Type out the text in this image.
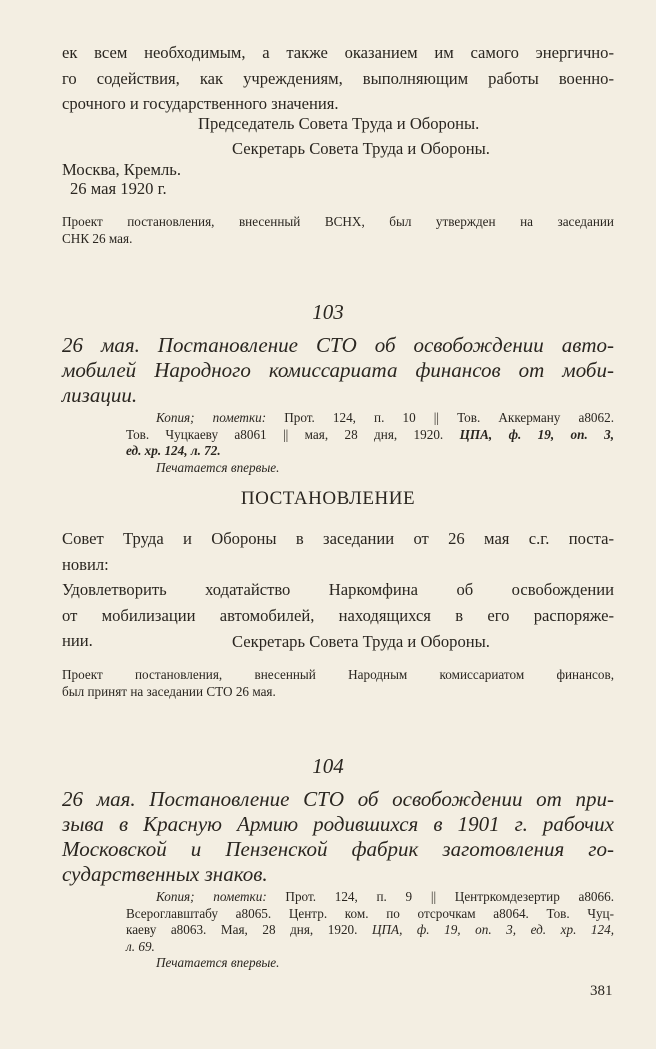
ек всем необходимым, а также оказанием им самого энергично-
го содействия, как учреждениям, выполняющим работы военно-
срочного и государственного значения.
Председатель Совета Труда и Обороны.
Секретарь Совета Труда и Обороны.
Москва, Кремль.
26 мая 1920 г.
Проект постановления, внесенный ВСНХ, был утвержден на заседании
СНК 26 мая.
103
26 мая. Постановление СТО об освобождении авто-
мобилей Народного комиссариата финансов от моби-
лизации.
Копия; пометки: Прот. 124, п. 10 || Тов. Аккерману а8062.
Тов. Чуцкаеву а8061 || мая, 28 дня, 1920. ЦПА, ф. 19, оп. 3,
ед. хр. 124, л. 72.
Печатается впервые.
ПОСТАНОВЛЕНИЕ
Совет Труда и Обороны в заседании от 26 мая с.г. поста-
новил:
Удовлетворить ходатайство Наркомфина об освобождении
от мобилизации автомобилей, находящихся в его распоряже-
нии.	Секретарь Совета Труда и Обороны.
Проект постановления, внесенный Народным комиссариатом финансов,
был принят на заседании СТО 26 мая.
104
26 мая. Постановление СТО об освобождении от при-
зыва в Красную Армию родившихся в 1901 г. рабочих
Московской и Пензенской фабрик заготовления го-
сударственных знаков.
Копия; пометки: Прот. 124, п. 9 || Центркомдезертир а8066.
Всероглавштабу а8065. Центр. ком. по отсрочкам а8064. Тов. Чуц-
каеву а8063. Мая, 28 дня, 1920. ЦПА, ф. 19, оп. 3, ед. хр. 124,
л. 69.
Печатается впервые.
381
